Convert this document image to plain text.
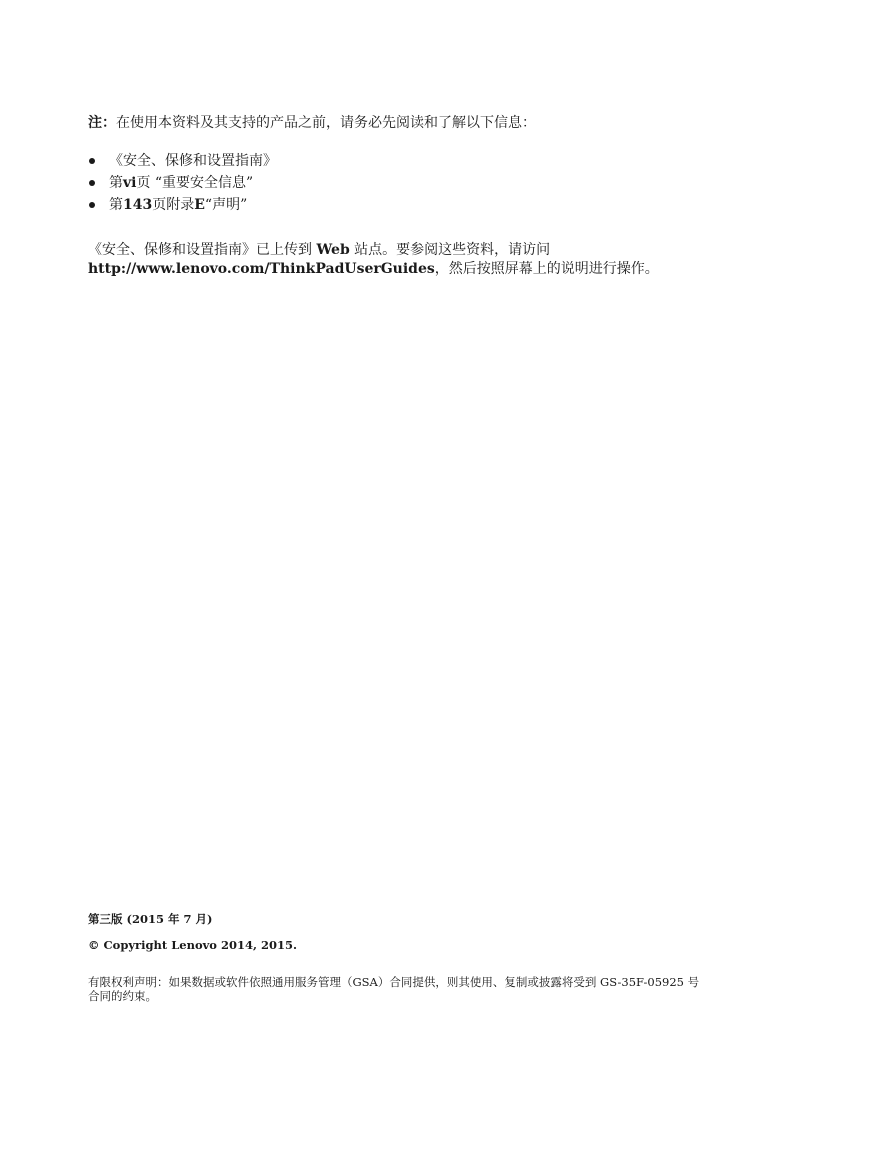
注：在使用本资料及其支持的产品之前，请务必先阅读和了解以下信息：
《安全、保修和设置指南》
第 vi 页 “重要安全信息”
第 143 页附录 E “声明”
《安全、保修和设置指南》已上传到 Web 站点。要参阅这些资料，请访问
http://www.lenovo.com/ThinkPadUserGuides，然后按照屏幕上的说明进行操作。
第三版 (2015 年 7 月)
© Copyright Lenovo 2014, 2015.
有限权利声明：如果数据或软件依照通用服务管理（GSA）合同提供，则其使用、复制或披露将受到 GS-35F-05925 号
合同的约束。
